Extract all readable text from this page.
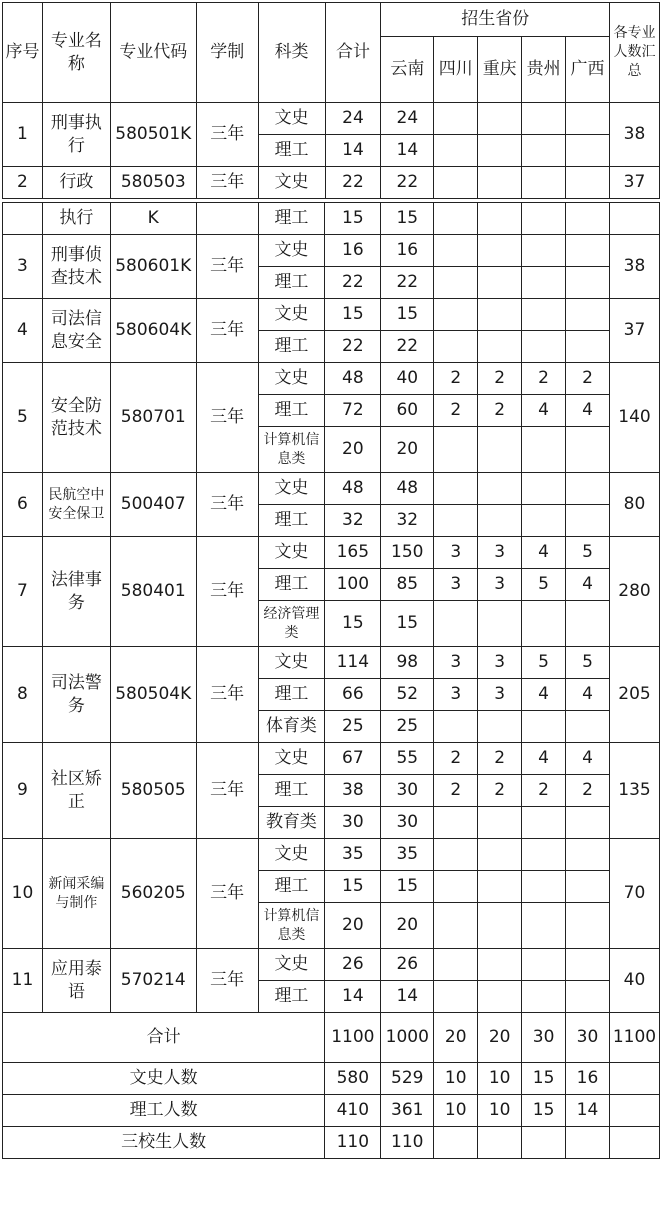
序号	专业名称	专业代码	学制	科类	合计	招生省份					各专业人数汇总
						云南	四川	重庆	贵州	广西	
1	刑事执行	580501K	三年	文史	24	24					38
				理工	14	14					
2	行政	580503	三年	文史	22	22					37
	执行	K		理工	15	15					
3	刑事侦查技术	580601K	三年	文史	16	16					38
				理工	22	22					
4	司法信息安全	580604K	三年	文史	15	15					37
				理工	22	22					
5	安全防范技术	580701	三年	文史	48	40	2	2	2	2	140
				理工	72	60	2	2	4	4	
				计算机信息类	20	20					
6	民航空中安全保卫	500407	三年	文史	48	48					80
				理工	32	32					
7	法律事务	580401	三年	文史	165	150	3	3	4	5	280
				理工	100	85	3	3	5	4	
				经济管理类	15	15					
8	司法警务	580504K	三年	文史	114	98	3	3	5	5	205
				理工	66	52	3	3	4	4	
				体育类	25	25					
9	社区矫正	580505	三年	文史	67	55	2	2	4	4	135
				理工	38	30	2	2	2	2	
				教育类	30	30					
10	新闻采编与制作	560205	三年	文史	35	35					70
				理工	15	15					
				计算机信息类	20	20					
11	应用泰语	570214	三年	文史	26	26					40
				理工	14	14					
合计					1100	1000	20	20	30	30	1100
文史人数					580	529	10	10	15	16	
理工人数					410	361	10	10	15	14	
三校生人数					110	110					
